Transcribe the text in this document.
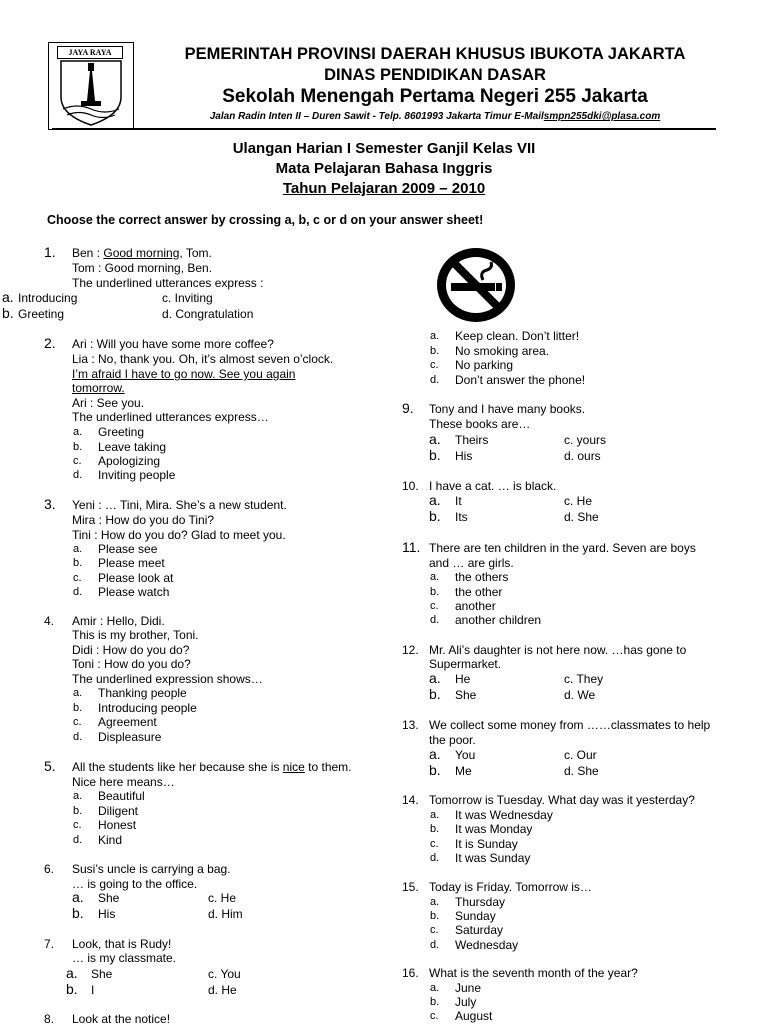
JAYA RAYA	PEMERINTAH PROVINSI DAERAH KHUSUS IBUKOTA JAKARTA
DINAS PENDIDIKAN DASAR
Sekolah Menengah Pertama Negeri 255 Jakarta
Jalan Radin Inten II – Duren Sawit - Telp. 8601993 Jakarta Timur E-Mailsmpn255dki@plasa.com
Ulangan Harian I Semester Ganjil Kelas VII
Mata Pelajaran Bahasa Inggris
Tahun Pelajaran 2009 – 2010
Choose the correct answer by crossing a, b, c or d on your answer sheet!
1. Ben : Good morning, Tom.
Tom : Good morning, Ben.
The underlined utterances express :
a. Introducing	c. Inviting
b. Greeting	d. Congratulation
2. Ari : Will you have some more coffee?
Lia : No, thank you. Oh, it’s almost seven o’clock.
I’m afraid I have to go now. See you again
tomorrow.
Ari : See you.
The underlined utterances express…
a. Greeting
b. Leave taking
c. Apologizing
d. Inviting people
3. Yeni : … Tini, Mira. She’s a new student.
Mira : How do you do Tini?
Tini : How do you do? Glad to meet you.
a. Please see
b. Please meet
c. Please look at
d. Please watch
4. Amir : Hello, Didi.
This is my brother, Toni.
Didi : How do you do?
Toni : How do you do?
The underlined expression shows…
a. Thanking people
b. Introducing people
c. Agreement
d. Displeasure
5. All the students like her because she is nice to them.
Nice here means…
a. Beautiful
b. Diligent
c. Honest
d. Kind
6. Susi’s uncle is carrying a bag.
… is going to the office.
a. She	c. He
b. His	d. Him
7. Look, that is Rudy!
… is my classmate.
a. She	c. You
b. I	d. He
8. Look at the notice!
a. Keep clean. Don’t litter!
b. No smoking area.
c. No parking
d. Don’t answer the phone!
9. Tony and I have many books.
These books are…
a. Theirs	c. yours
b. His	d. ours
10. I have a cat. … is black.
a. It	c. He
b. Its	d. She
11. There are ten children in the yard. Seven are boys
and … are girls.
a. the others
b. the other
c. another
d. another children
12. Mr. Ali’s daughter is not here now. …has gone to
Supermarket.
a. He	c. They
b. She	d. We
13. We collect some money from ……classmates to help
the poor.
a. You	c. Our
b. Me	d. She
14. Tomorrow is Tuesday. What day was it yesterday?
a. It was Wednesday
b. It was Monday
c. It is Sunday
d. It was Sunday
15. Today is Friday. Tomorrow is…
a. Thursday
b. Sunday
c. Saturday
d. Wednesday
16. What is the seventh month of the year?
a. June
b. July
c. August
